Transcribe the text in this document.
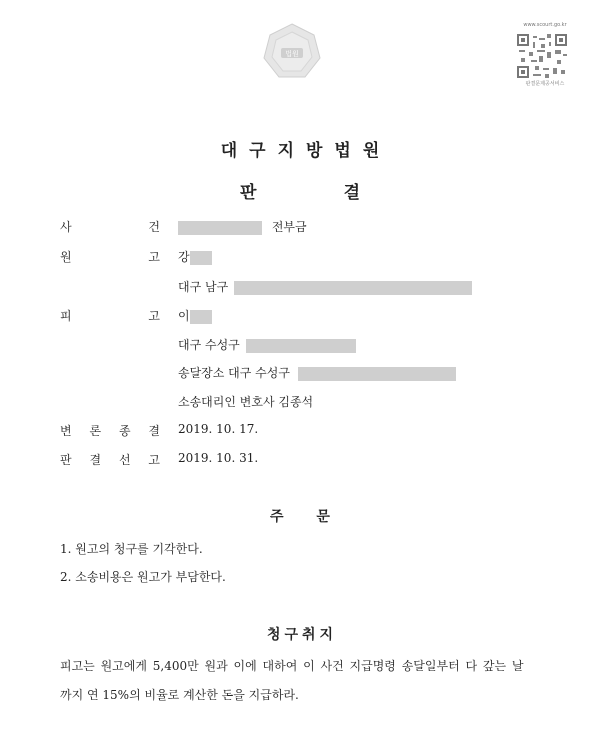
법원
www.scourt.go.kr
판결문제공서비스
대구지방법원
판	결
사	건	전부금
원	고 강
대구 남구
피	고 이
대구 수성구
송달장소 대구 수성구
소송대리인 변호사 김종석
변 론 종 결 2019. 10. 17.
판 결 선 고 2019. 10. 31.
주 문
1. 원고의 청구를 기각한다.
2. 소송비용은 원고가 부담한다.
청구취지
피고는 원고에게 5,400만 원과 이에 대하여 이 사건 지급명령 송달일부터 다 갚는 날
까지 연 15%의 비율로 계산한 돈을 지급하라.
